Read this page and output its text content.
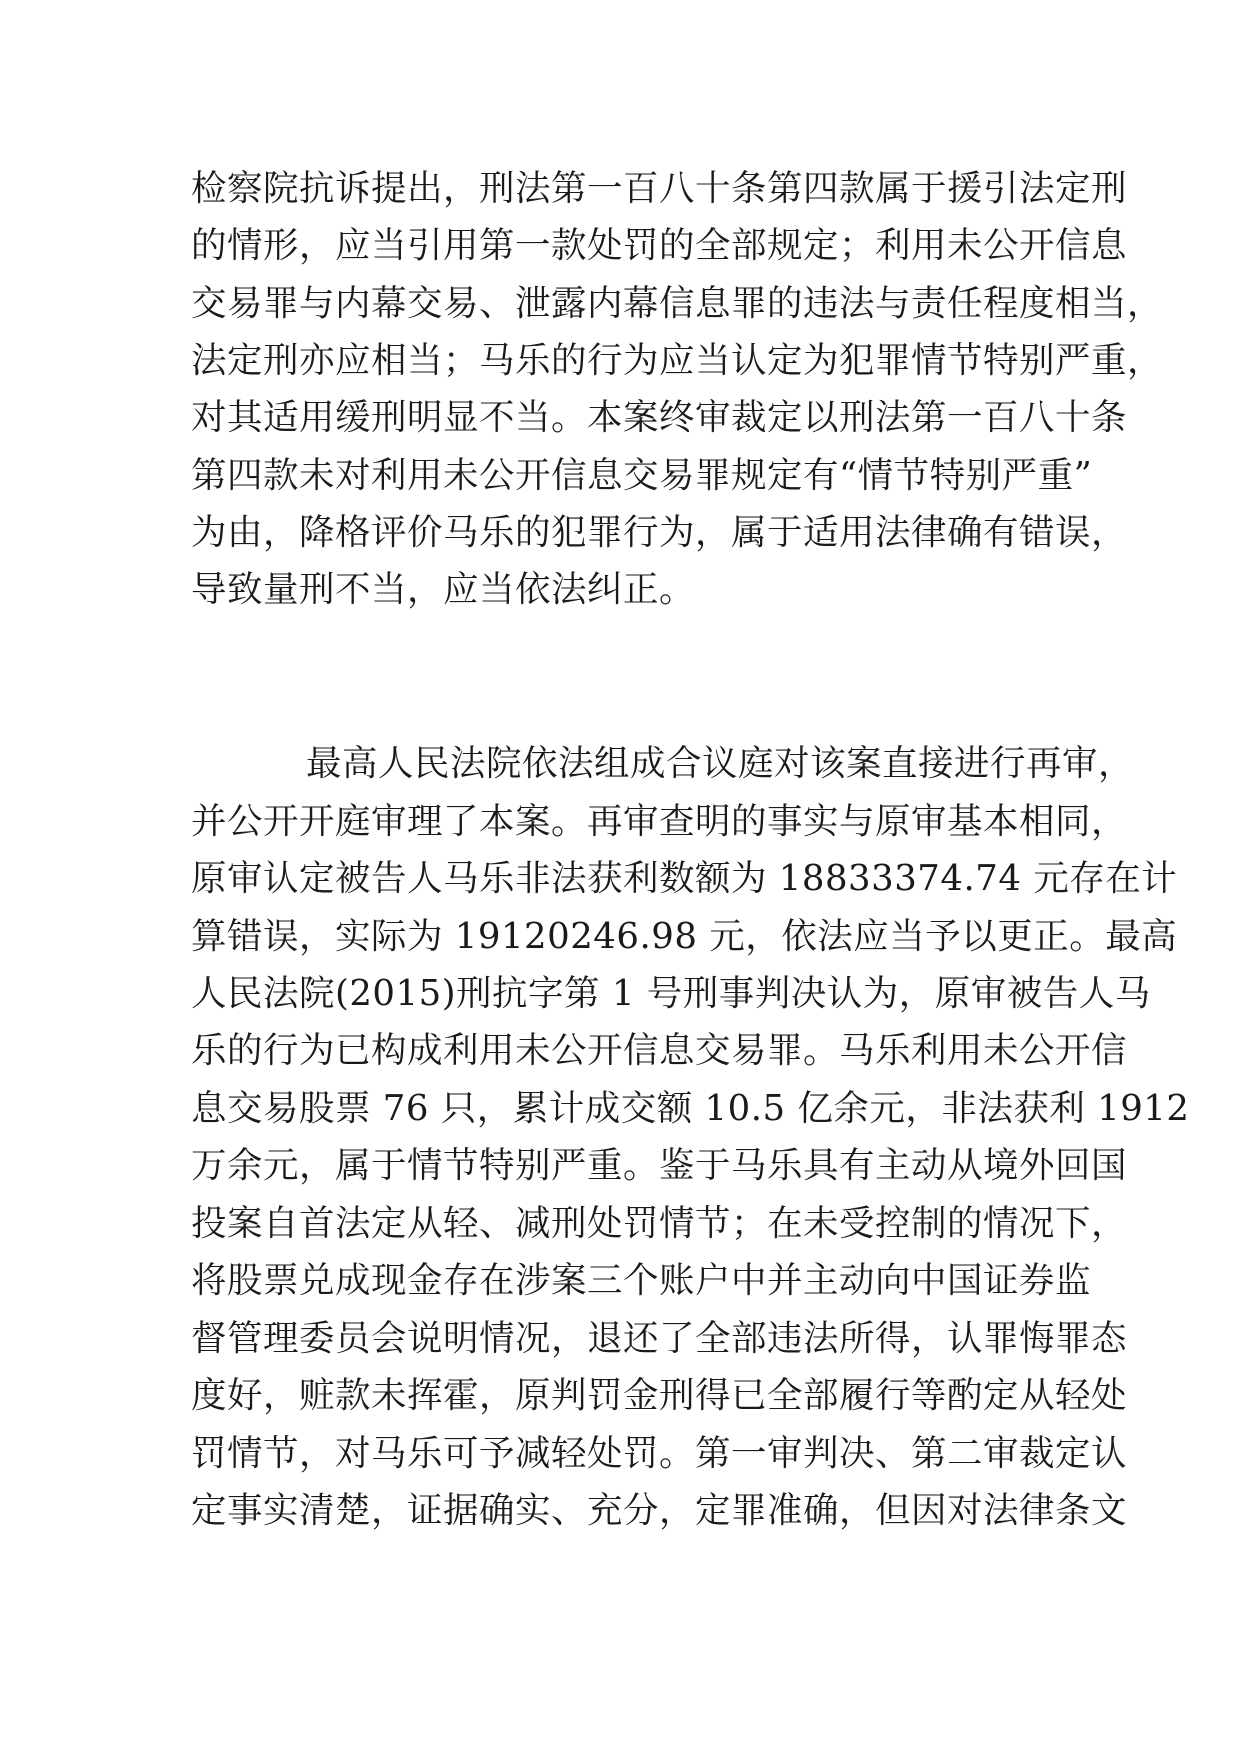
检察院抗诉提出，刑法第一百八十条第四款属于援引法定刑
的情形，应当引用第一款处罚的全部规定；利用未公开信息
交易罪与内幕交易、泄露内幕信息罪的违法与责任程度相当，
法定刑亦应相当；马乐的行为应当认定为犯罪情节特别严重，
对其适用缓刑明显不当。本案终审裁定以刑法第一百八十条
第四款未对利用未公开信息交易罪规定有“情节特别严重”
为由，降格评价马乐的犯罪行为，属于适用法律确有错误，
导致量刑不当，应当依法纠正。
最高人民法院依法组成合议庭对该案直接进行再审，
并公开开庭审理了本案。再审查明的事实与原审基本相同，
原审认定被告人马乐非法获利数额为 18833374.74 元存在计
算错误，实际为 19120246.98 元，依法应当予以更正。最高
人民法院(2015)刑抗字第 1 号刑事判决认为，原审被告人马
乐的行为已构成利用未公开信息交易罪。马乐利用未公开信
息交易股票 76 只，累计成交额 10.5 亿余元，非法获利 1912
万余元，属于情节特别严重。鉴于马乐具有主动从境外回国
投案自首法定从轻、减刑处罚情节；在未受控制的情况下，
将股票兑成现金存在涉案三个账户中并主动向中国证券监
督管理委员会说明情况，退还了全部违法所得，认罪悔罪态
度好，赃款未挥霍，原判罚金刑得已全部履行等酌定从轻处
罚情节，对马乐可予减轻处罚。第一审判决、第二审裁定认
定事实清楚，证据确实、充分，定罪准确，但因对法律条文
